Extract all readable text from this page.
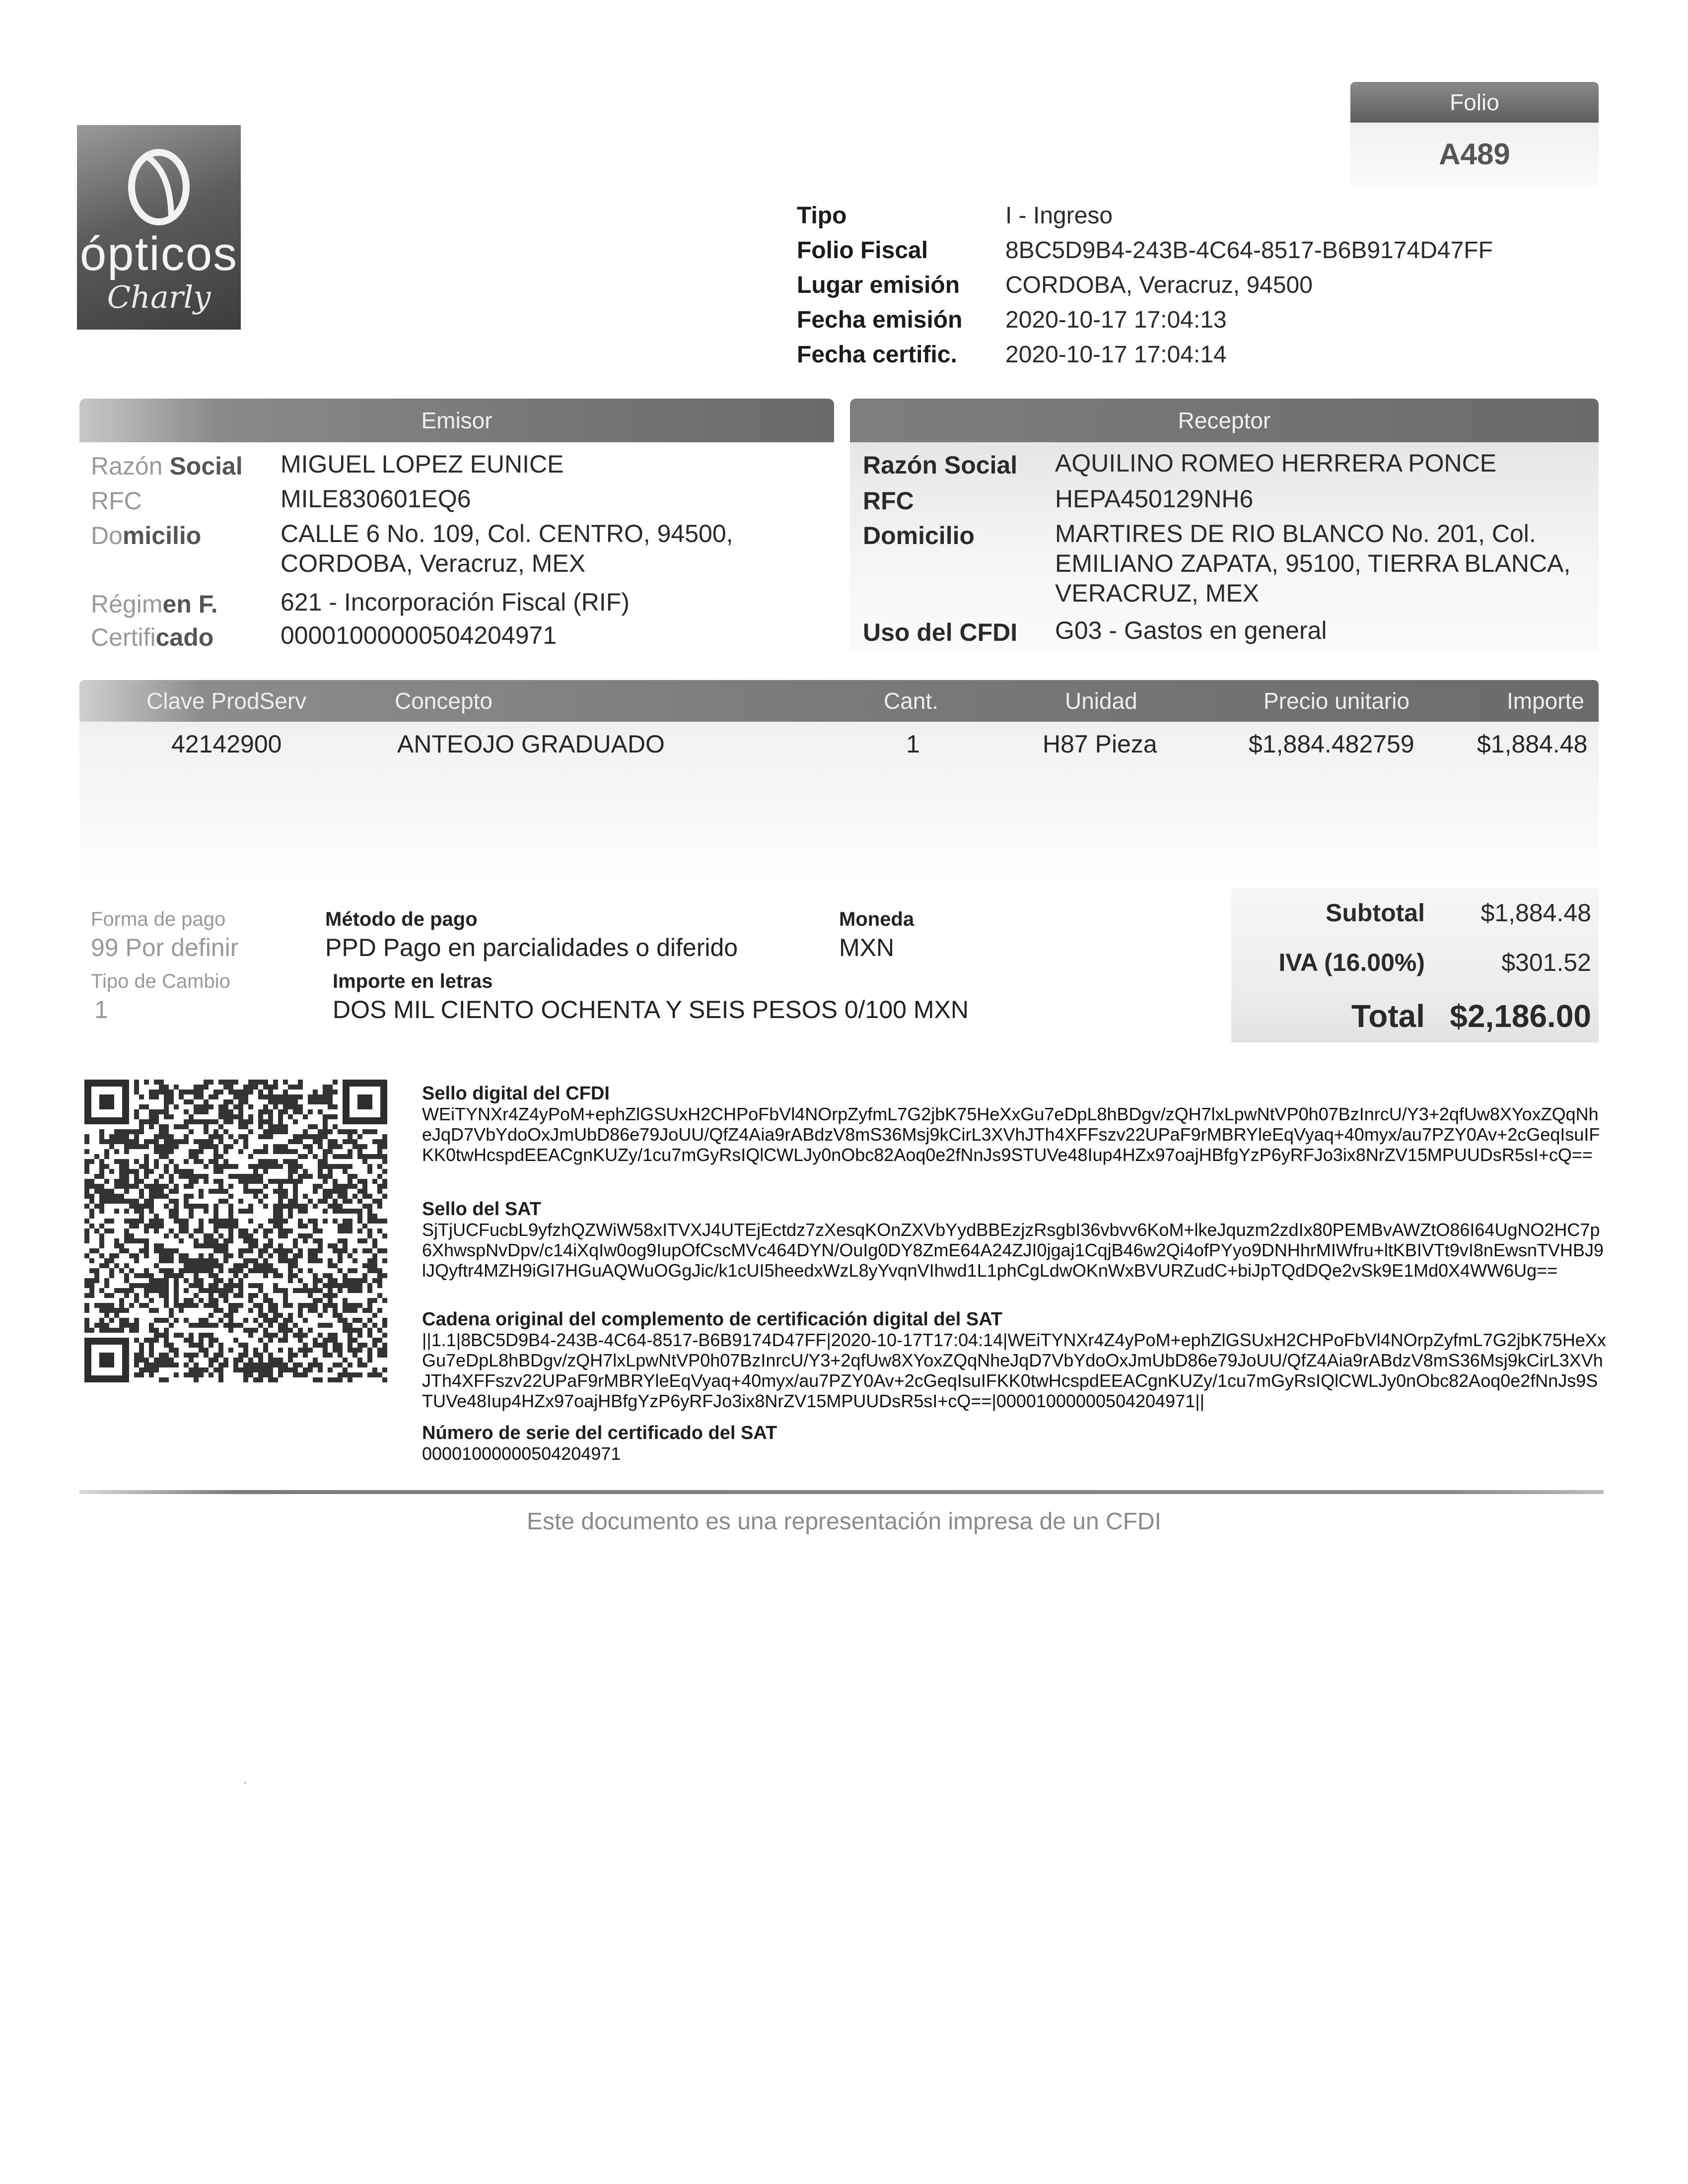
ópticos
Charly
Folio
A489
Tipo	I - Ingreso
Folio Fiscal	8BC5D9B4-243B-4C64-8517-B6B9174D47FF
Lugar emisión CORDOBA, Veracruz, 94500
Fecha emisión 2020-10-17 17:04:13
Fecha certific. 2020-10-17 17:04:14
Emisor
Razón Social MIGUEL LOPEZ EUNICE
RFC	MILE830601EQ6
Domicilio	CALLE 6 No. 109, Col. CENTRO, 94500,
CORDOBA, Veracruz, MEX
Régimen F.	621 - Incorporación Fiscal (RIF)
Certificado	00001000000504204971
Receptor
Razón Social AQUILINO ROMEO HERRERA PONCE
RFC	HEPA450129NH6
Domicilio	MARTIRES DE RIO BLANCO No. 201, Col.
EMILIANO ZAPATA, 95100, TIERRA BLANCA,
VERACRUZ, MEX
Uso del CFDI G03 - Gastos en general
Clave ProdServ	Concepto	Cant.	Unidad	Precio unitario	Importe
42142900	ANTEOJO GRADUADO	1	H87 Pieza	$1,884.482759	$1,884.48
Forma de pago
99 Por definir
Método de pago
PPD Pago en parcialidades o diferido
Moneda
MXN
Tipo de Cambio
1
Importe en letras
DOS MIL CIENTO OCHENTA Y SEIS PESOS 0/100 MXN
Subtotal	$1,884.48
IVA (16.00%)	$301.52
Total $2,186.00
Sello digital del CFDI
WEiTYNXr4Z4yPoM+ephZlGSUxH2CHPoFbVl4NOrpZyfmL7G2jbK75HeXxGu7eDpL8hBDgv/zQH7lxLpwNtVP0h07BzInrcU/Y3+2qfUw8XYoxZQqNheJqD7VbYdoOxJmUbD86e79JoUU/QfZ4Aia9rABdzV8mS36Msj9kCirL3XVhJTh4XFFszv22UPaF9rMBRYleEqVyaq+40myx/au7PZY0Av+2cGeqIsuIFKK0twHcspdEEACgnKUZy/1cu7mGyRsIQlCWLJy0nObc82Aoq0e2fNnJs9STUVe48Iup4HZx97oajHBfgYzP6yRFJo3ix8NrZV15MPUUDsR5sI+cQ==
Sello del SAT
SjTjUCFucbL9yfzhQZWiW58xITVXJ4UTEjEctdz7zXesqKOnZXVbYydBBEzjzRsgbI36vbvv6KoM+lkeJquzm2zdIx80PEMBvAWZtO86I64UgNO2HC7p6XhwspNvDpv/c14iXqIw0og9IupOfCscMVc464DYN/OuIg0DY8ZmE64A24ZJI0jgaj1CqjB46w2Qi4ofPYyo9DNHhrMIWfru+ltKBIVTt9vI8nEwsnTVHBJ9lJQyftr4MZH9iGI7HGuAQWuOGgJic/k1cUI5heedxWzL8yYvqnVIhwd1L1phCgLdwOKnWxBVURZudC+biJpTQdDQe2vSk9E1Md0X4WW6Ug==
Cadena original del complemento de certificación digital del SAT
||1.1|8BC5D9B4-243B-4C64-8517-B6B9174D47FF|2020-10-17T17:04:14|WEiTYNXr4Z4yPoM+ephZlGSUxH2CHPoFbVl4NOrpZyfmL7G2jbK75HeXxGu7eDpL8hBDgv/zQH7lxLpwNtVP0h07BzInrcU/Y3+2qfUw8XYoxZQqNheJqD7VbYdoOxJmUbD86e79JoUU/QfZ4Aia9rABdzV8mS36Msj9kCirL3XVhJTh4XFFszv22UPaF9rMBRYleEqVyaq+40myx/au7PZY0Av+2cGeqIsuIFKK0twHcspdEEACgnKUZy/1cu7mGyRsIQlCWLJy0nObc82Aoq0e2fNnJs9STUVe48Iup4HZx97oajHBfgYzP6yRFJo3ix8NrZV15MPUUDsR5sI+cQ==|00001000000504204971||
Número de serie del certificado del SAT
00001000000504204971
Este documento es una representación impresa de un CFDI
